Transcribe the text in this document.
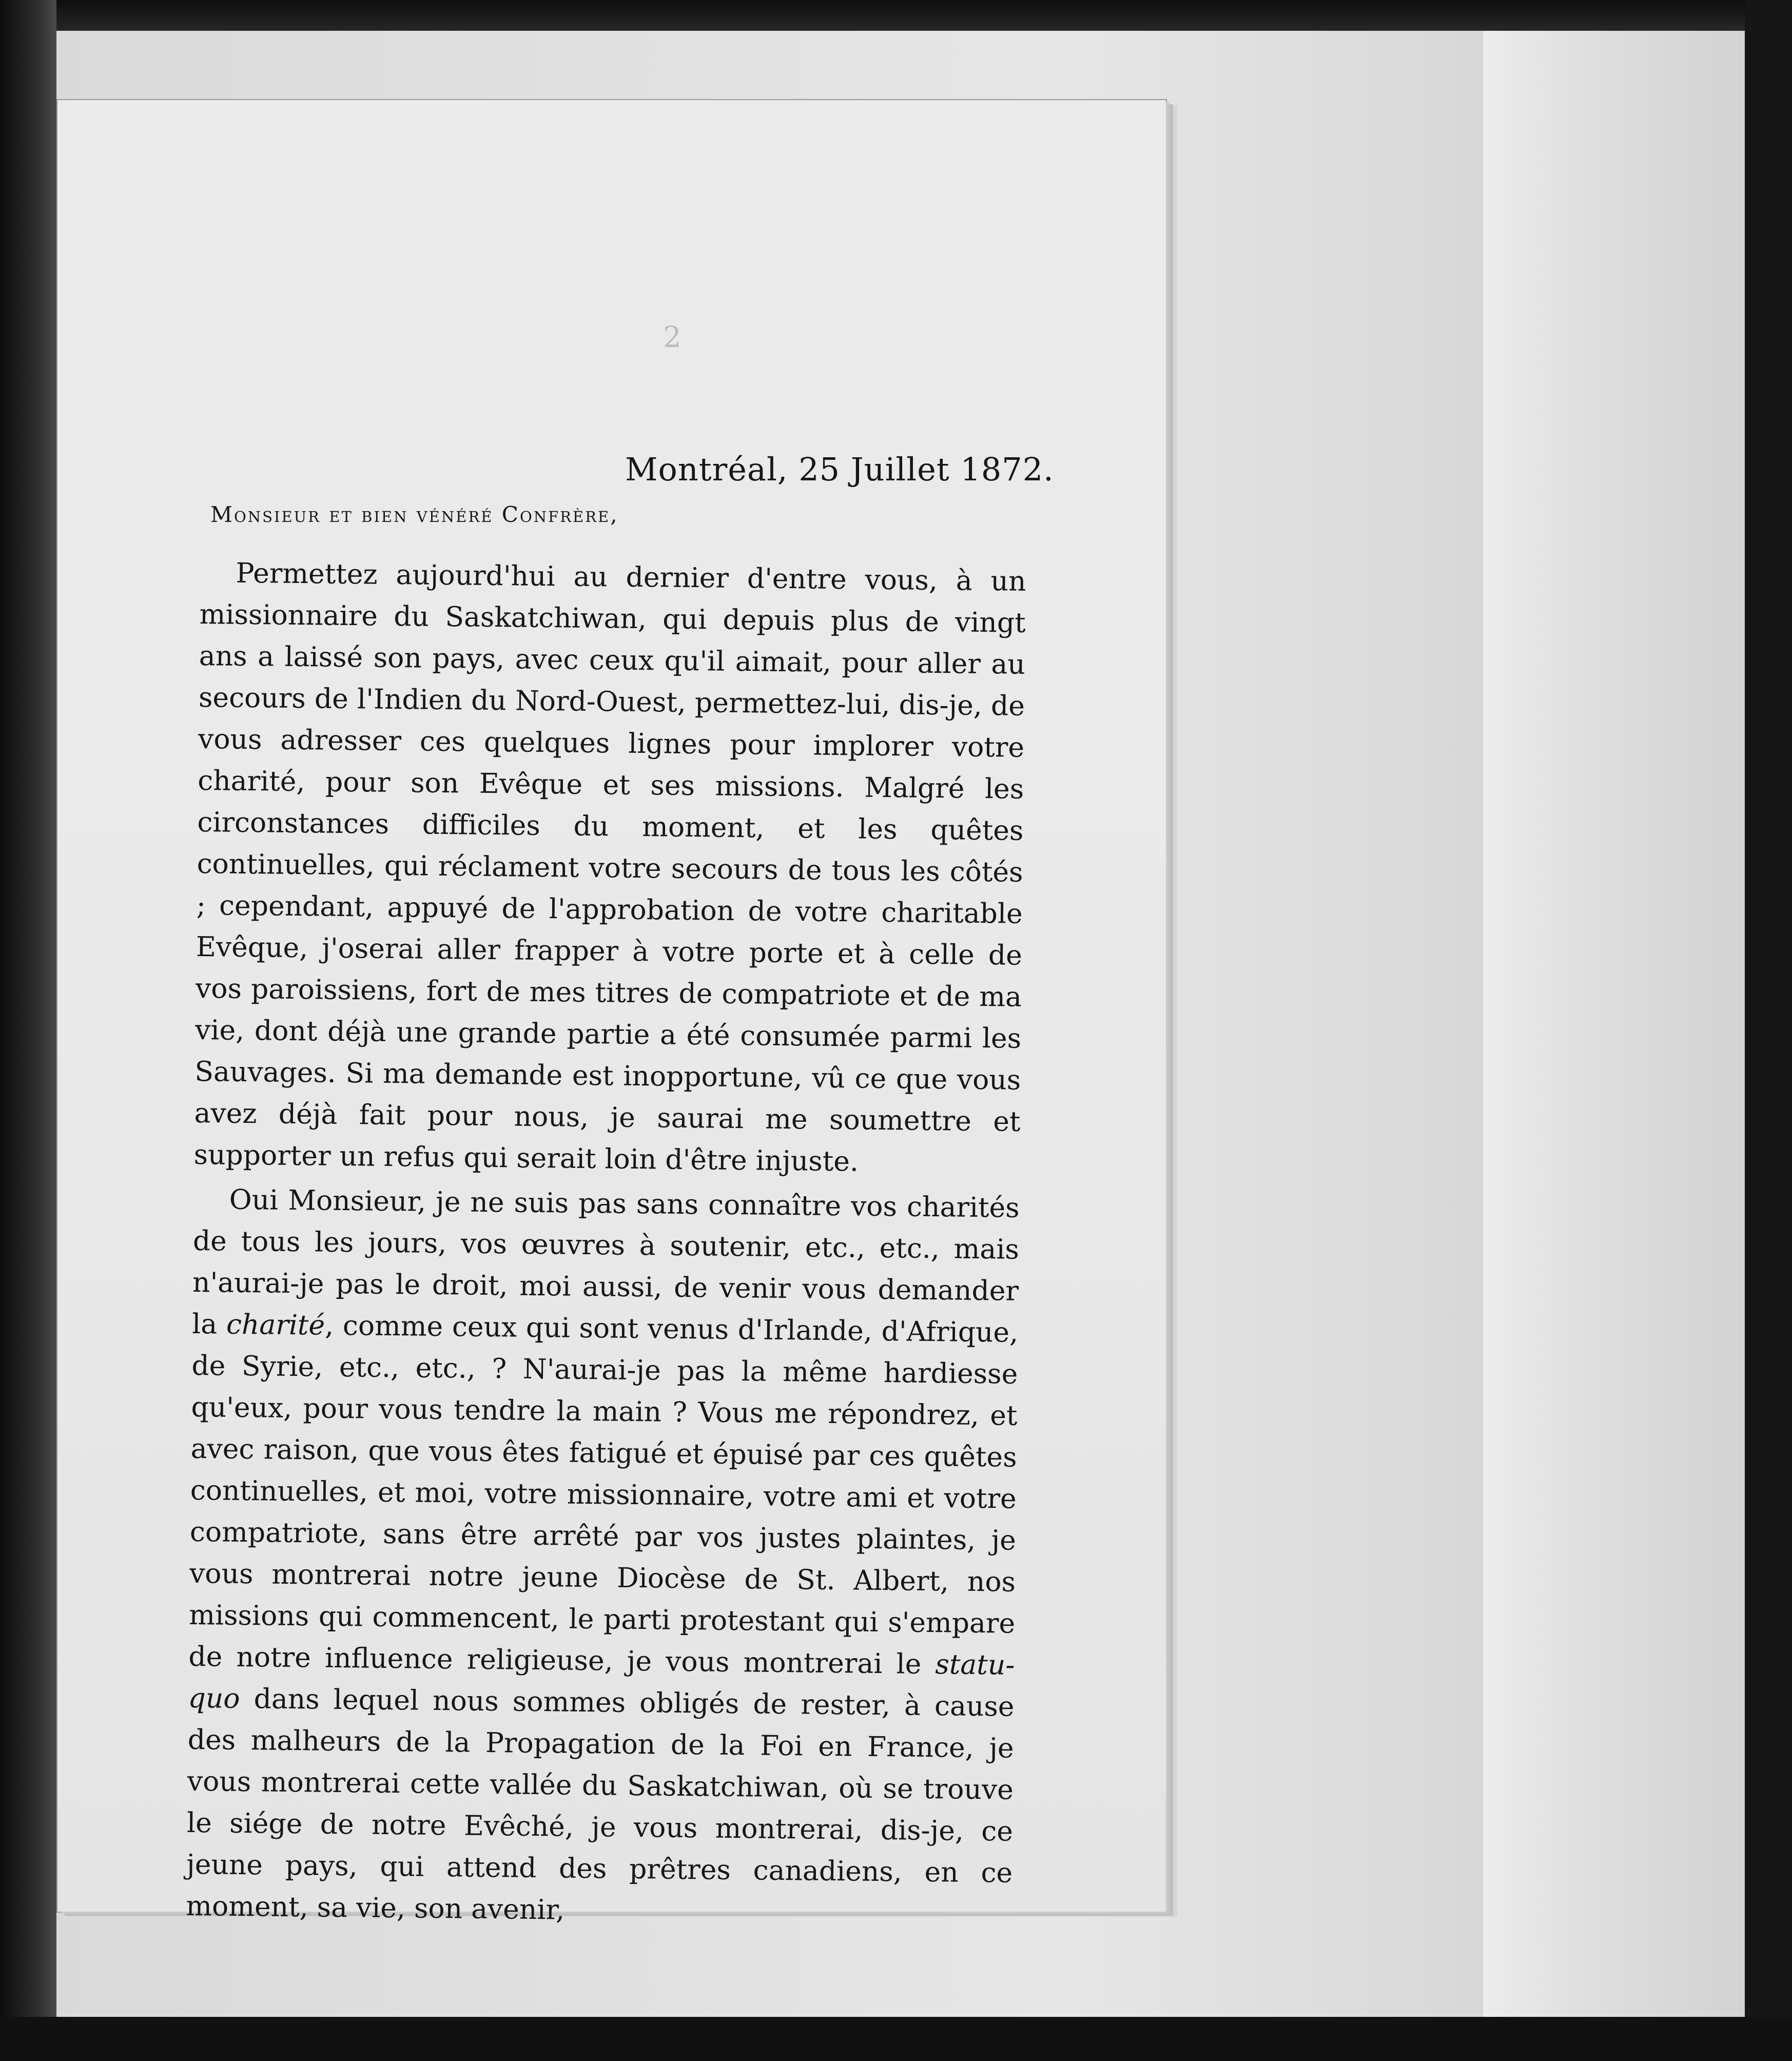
2
Montréal, 25 Juillet 1872.
Monsieur et bien vénéré Confrère,

Permettez aujourd'hui au dernier d'entre vous, à un missionnaire du Saskatchiwan, qui depuis plus de vingt ans a laissé son pays, avec ceux qu'il aimait, pour aller au secours de l'Indien du Nord-Ouest, permettez-lui, dis-je, de vous adresser ces quelques lignes pour implorer votre charité, pour son Evêque et ses missions. Malgré les circonstances difficiles du moment, et les quêtes continuelles, qui réclament votre secours de tous les côtés ; cependant, appuyé de l'approbation de votre charitable Evêque, j'oserai aller frapper à votre porte et à celle de vos paroissiens, fort de mes titres de compatriote et de ma vie, dont déjà une grande partie a été consumée parmi les Sauvages. Si ma demande est inopportune, vû ce que vous avez déjà fait pour nous, je saurai me soumettre et supporter un refus qui serait loin d'être injuste.

Oui Monsieur, je ne suis pas sans connaître vos charités de tous les jours, vos œuvres à soutenir, etc., etc., mais n'aurai-je pas le droit, moi aussi, de venir vous demander la charité, comme ceux qui sont venus d'Irlande, d'Afrique, de Syrie, etc., etc., ? N'aurai-je pas la même hardiesse qu'eux, pour vous tendre la main ? Vous me répondrez, et avec raison, que vous êtes fatigué et épuisé par ces quêtes continuelles, et moi, votre missionnaire, votre ami et votre compatriote, sans être arrêté par vos justes plaintes, je vous montrerai notre jeune Diocèse de St. Albert, nos missions qui commencent, le parti protestant qui s'empare de notre influence religieuse, je vous montrerai le statu-quo dans lequel nous sommes obligés de rester, à cause des malheurs de la Propagation de la Foi en France, je vous montrerai cette vallée du Saskatchiwan, où se trouve le siége de notre Evêché, je vous montrerai, dis-je, ce jeune pays, qui attend des prêtres canadiens, en ce moment, sa vie, son avenir,
